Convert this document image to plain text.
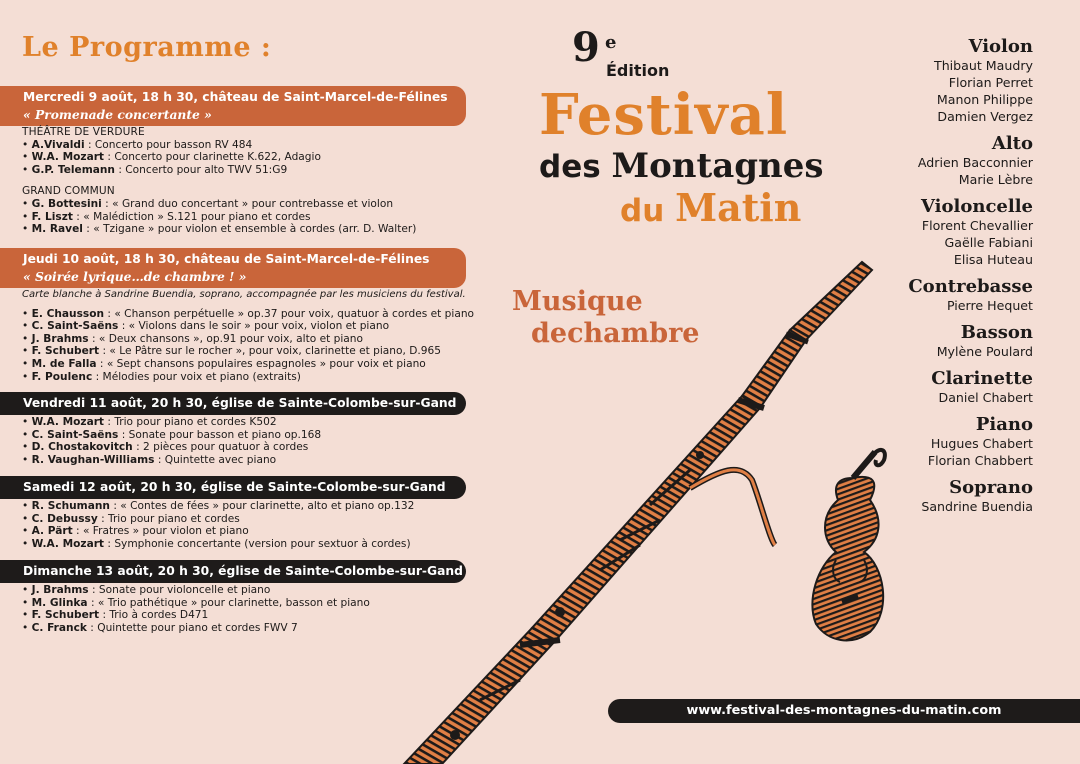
Le Programme :
Mercredi 9 août, 18 h 30, château de Saint-Marcel-de-Félines
« Promenade concertante »
THÉÂTRE DE VERDURE
• A.Vivaldi : Concerto pour basson RV 484
• W.A. Mozart : Concerto pour clarinette K.622, Adagio
• G.P. Telemann : Concerto pour alto TWV 51:G9
GRAND COMMUN
• G. Bottesini : « Grand duo concertant » pour contrebasse et violon
• F. Liszt : « Malédiction » S.121 pour piano et cordes
• M. Ravel : « Tzigane » pour violon et ensemble à cordes (arr. D. Walter)
Jeudi 10 août, 18 h 30, château de Saint-Marcel-de-Félines
« Soirée lyrique…de chambre ! »
Carte blanche à Sandrine Buendia, soprano, accompagnée par les musiciens du festival.
• E. Chausson : « Chanson perpétuelle » op.37 pour voix, quatuor à cordes et piano
• C. Saint-Saëns : « Violons dans le soir » pour voix, violon et piano
• J. Brahms : « Deux chansons », op.91 pour voix, alto et piano
• F. Schubert : « Le Pâtre sur le rocher », pour voix, clarinette et piano, D.965
• M. de Falla : « Sept chansons populaires espagnoles » pour voix et piano
• F. Poulenc : Mélodies pour voix et piano (extraits)
Vendredi 11 août, 20 h 30, église de Sainte-Colombe-sur-Gand
• W.A. Mozart : Trio pour piano et cordes K502
• C. Saint-Saëns : Sonate pour basson et piano op.168
• D. Chostakovitch : 2 pièces pour quatuor à cordes
• R. Vaughan-Williams : Quintette avec piano
Samedi 12 août, 20 h 30, église de Sainte-Colombe-sur-Gand
• R. Schumann : « Contes de fées » pour clarinette, alto et piano op.132
• C. Debussy : Trio pour piano et cordes
• A. Pärt : « Fratres » pour violon et piano
• W.A. Mozart : Symphonie concertante (version pour sextuor à cordes)
Dimanche 13 août, 20 h 30, église de Sainte-Colombe-sur-Gand
• J. Brahms : Sonate pour violoncelle et piano
• M. Glinka : « Trio pathétique » pour clarinette, basson et piano
• F. Schubert : Trio à cordes D471
• C. Franck : Quintette pour piano et cordes FWV 7
9 e
Édition
Festival
des Montagnes
du Matin
Musique
dechambre
Violon
Thibaut Maudry
Florian Perret
Manon Philippe
Damien Vergez
Alto
Adrien Bacconnier
Marie Lèbre
Violoncelle
Florent Chevallier
Gaëlle Fabiani
Elisa Huteau
Contrebasse
Pierre Hequet
Basson
Mylène Poulard
Clarinette
Daniel Chabert
Piano
Hugues Chabert
Florian Chabbert
Soprano
Sandrine Buendia
www.festival-des-montagnes-du-matin.com
